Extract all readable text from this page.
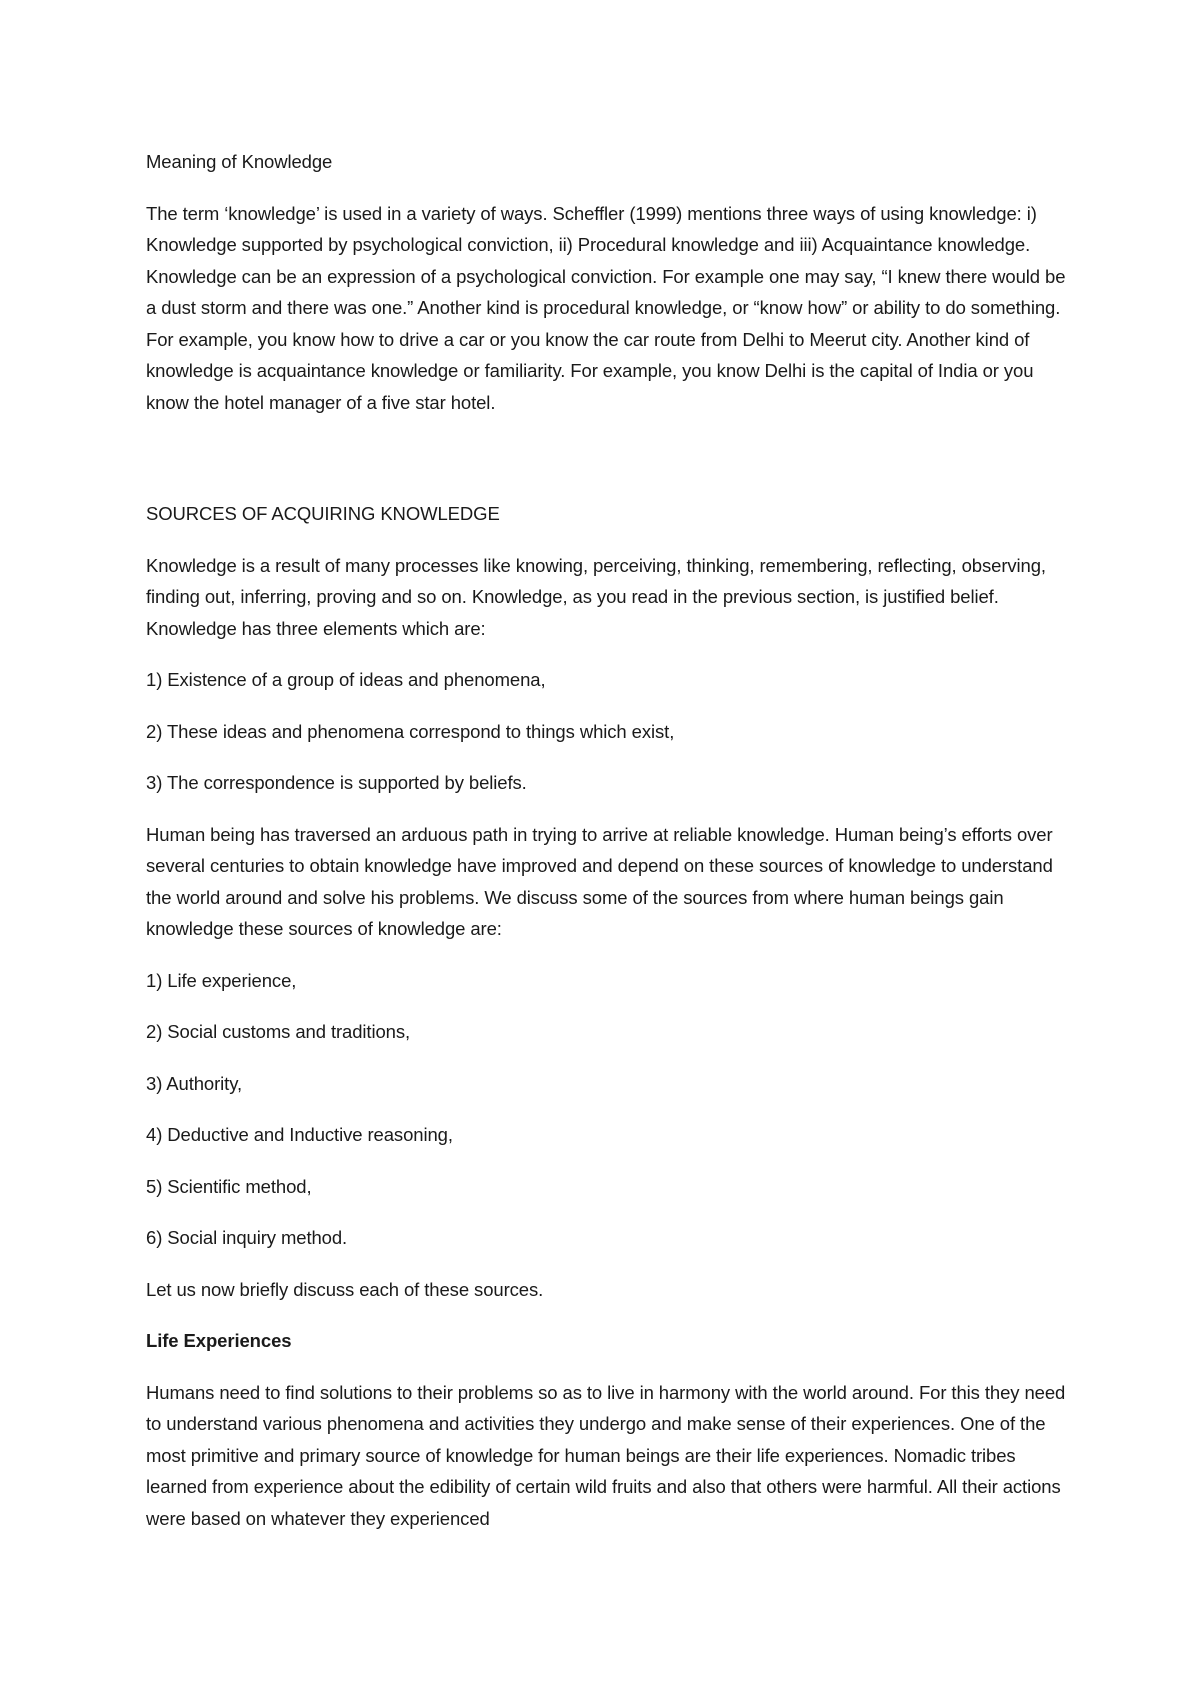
Meaning of Knowledge

The term ‘knowledge’ is used in a variety of ways. Scheffler (1999) mentions three ways of using knowledge: i) Knowledge supported by psychological conviction, ii) Procedural knowledge and iii) Acquaintance knowledge. Knowledge can be an expression of a psychological conviction. For example one may say, “I knew there would be a dust storm and there was one.” Another kind is procedural knowledge, or “know how” or ability to do something. For example, you know how to drive a car or you know the car route from Delhi to Meerut city. Another kind of knowledge is acquaintance knowledge or familiarity. For example, you know Delhi is the capital of India or you know the hotel manager of a five star hotel.

SOURCES OF ACQUIRING KNOWLEDGE

Knowledge is a result of many processes like knowing, perceiving, thinking, remembering, reflecting, observing, finding out, inferring, proving and so on. Knowledge, as you read in the previous section, is justified belief. Knowledge has three elements which are:

1) Existence of a group of ideas and phenomena,

2) These ideas and phenomena correspond to things which exist,

3) The correspondence is supported by beliefs.

Human being has traversed an arduous path in trying to arrive at reliable knowledge. Human being’s efforts over several centuries to obtain knowledge have improved and depend on these sources of knowledge to understand the world around and solve his problems. We discuss some of the sources from where human beings gain knowledge these sources of knowledge are:

1) Life experience,

2) Social customs and traditions,

3) Authority,

4) Deductive and Inductive reasoning,

5) Scientific method,

6) Social inquiry method.

Let us now briefly discuss each of these sources.

Life Experiences

Humans need to find solutions to their problems so as to live in harmony with the world around. For this they need to understand various phenomena and activities they undergo and make sense of their experiences. One of the most primitive and primary source of knowledge for human beings are their life experiences. Nomadic tribes learned from experience about the edibility of certain wild fruits and also that others were harmful. All their actions were based on whatever they experienced
